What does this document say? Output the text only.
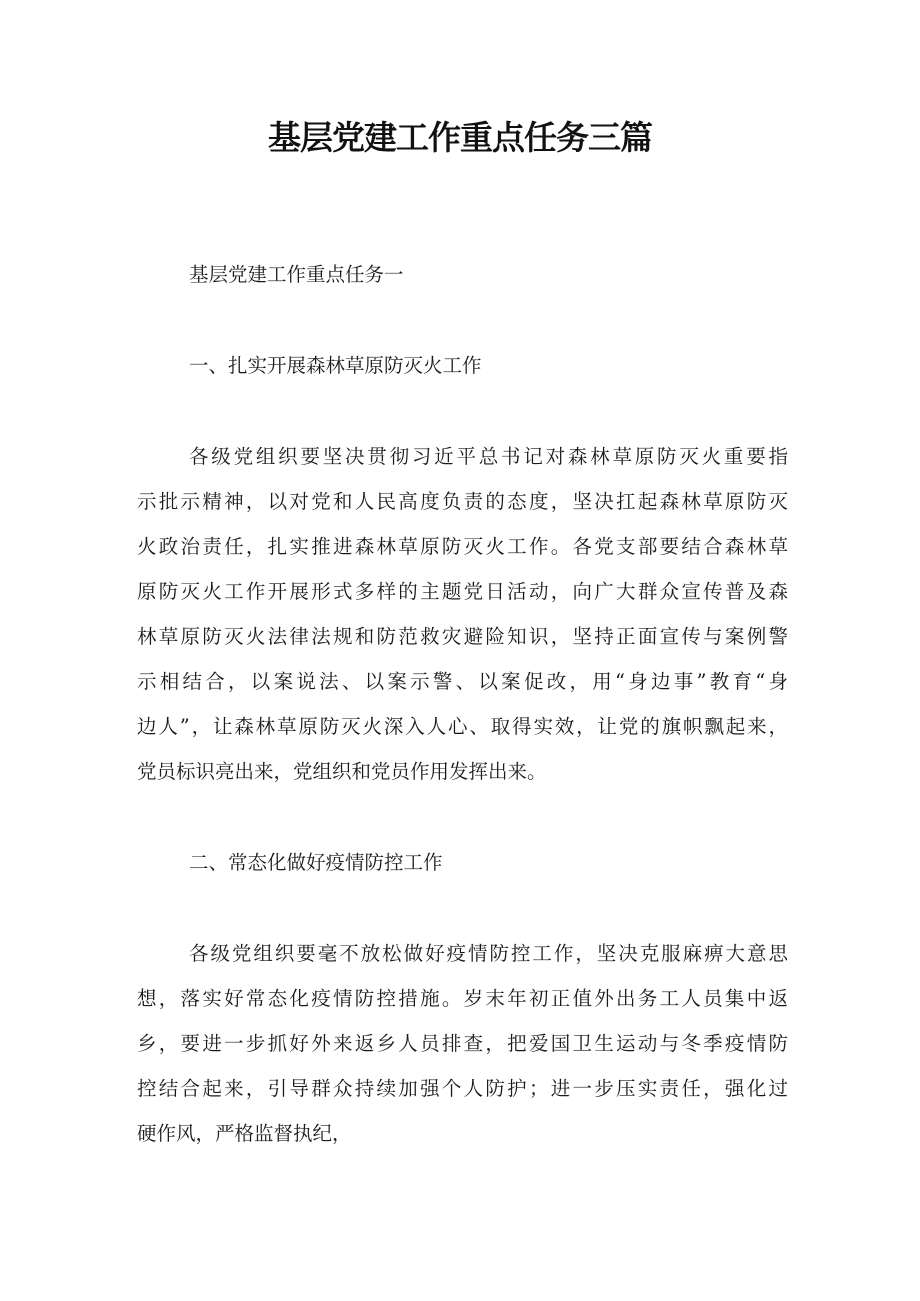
基层党建工作重点任务三篇

基层党建工作重点任务一

一、扎实开展森林草原防灭火工作

各级党组织要坚决贯彻习近平总书记对森林草原防灭火重要指

示批示精神，以对党和人民高度负责的态度，坚决扛起森林草原防灭

火政治责任，扎实推进森林草原防灭火工作。各党支部要结合森林草

原防灭火工作开展形式多样的主题党日活动，向广大群众宣传普及森

林草原防灭火法律法规和防范救灾避险知识，坚持正面宣传与案例警

示相结合，以案说法、以案示警、以案促改，用“身边事”教育“身

边人”，让森林草原防灭火深入人心、取得实效，让党的旗帜飘起来，

党员标识亮出来，党组织和党员作用发挥出来。

二、常态化做好疫情防控工作

各级党组织要毫不放松做好疫情防控工作，坚决克服麻痹大意思

想，落实好常态化疫情防控措施。岁末年初正值外出务工人员集中返

乡，要进一步抓好外来返乡人员排查，把爱国卫生运动与冬季疫情防

控结合起来，引导群众持续加强个人防护；进一步压实责任，强化过

硬作风，严格监督执纪，
